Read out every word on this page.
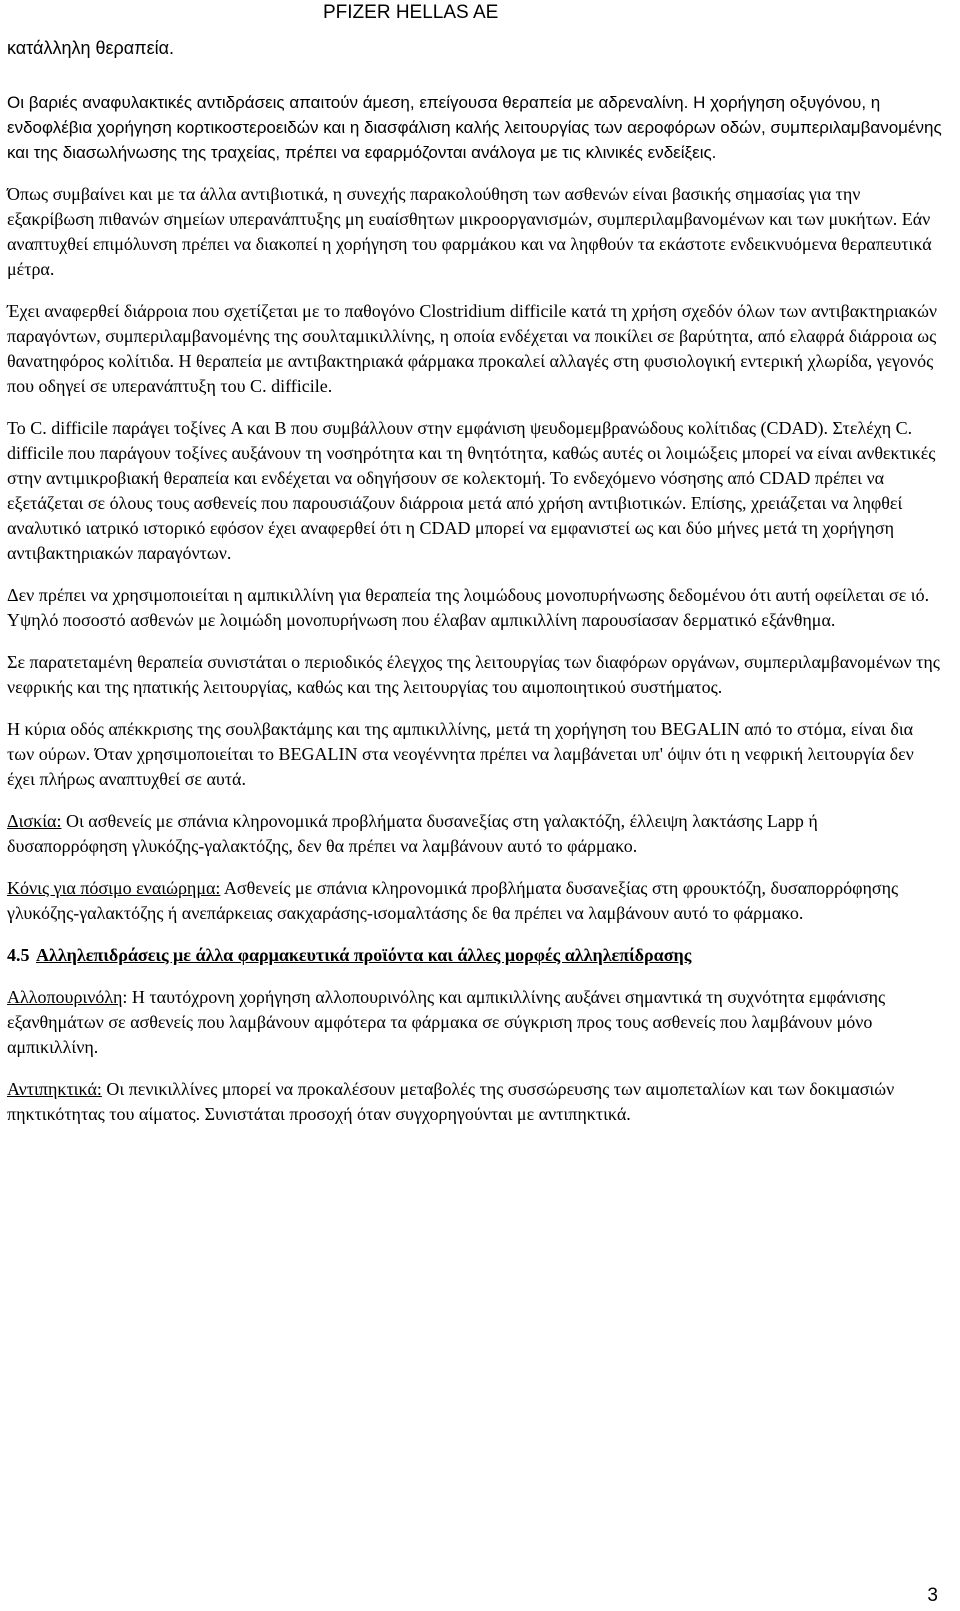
PFIZER HELLAS AE
κατάλληλη θεραπεία.

Οι βαριές αναφυλακτικές αντιδράσεις απαιτούν άμεση, επείγουσα θεραπεία με αδρεναλίνη. Η χορήγηση οξυγόνου, η ενδοφλέβια χορήγηση κορτικοστεροειδών και η διασφάλιση καλής λειτουργίας των αεροφόρων οδών, συμπεριλαμβανομένης και της διασωλήνωσης της τραχείας, πρέπει να εφαρμόζονται ανάλογα με τις κλινικές ενδείξεις.

Όπως συμβαίνει και με τα άλλα αντιβιοτικά, η συνεχής παρακολούθηση των ασθενών είναι βασικής σημασίας για την εξακρίβωση πιθανών σημείων υπερανάπτυξης μη ευαίσθητων μικροοργανισμών, συμπεριλαμβανομένων και των μυκήτων. Εάν αναπτυχθεί επιμόλυνση πρέπει να διακοπεί η χορήγηση του φαρμάκου και να ληφθούν τα εκάστοτε ενδεικνυόμενα θεραπευτικά μέτρα.

Έχει αναφερθεί διάρροια που σχετίζεται με το παθογόνο Clostridium difficile κατά τη χρήση σχεδόν όλων των αντιβακτηριακών παραγόντων, συμπεριλαμβανομένης της σουλταμικιλλίνης, η οποία ενδέχεται να ποικίλει σε βαρύτητα, από ελαφρά διάρροια ως θανατηφόρος κολίτιδα. Η θεραπεία με αντιβακτηριακά φάρμακα προκαλεί αλλαγές στη φυσιολογική εντερική χλωρίδα, γεγονός που οδηγεί σε υπερανάπτυξη του C. difficile.

Το C. difficile παράγει τοξίνες A και B που συμβάλλουν στην εμφάνιση ψευδομεμβρανώδους κολίτιδας (CDAD). Στελέχη C. difficile που παράγουν τοξίνες αυξάνουν τη νοσηρότητα και τη θνητότητα, καθώς αυτές οι λοιμώξεις μπορεί να είναι ανθεκτικές στην αντιμικροβιακή θεραπεία και ενδέχεται να οδηγήσουν σε κολεκτομή. Το ενδεχόμενο νόσησης από CDAD πρέπει να εξετάζεται σε όλους τους ασθενείς που παρουσιάζουν διάρροια μετά από χρήση αντιβιοτικών. Επίσης, χρειάζεται να ληφθεί αναλυτικό ιατρικό ιστορικό εφόσον έχει αναφερθεί ότι η CDAD μπορεί να εμφανιστεί ως και δύο μήνες μετά τη χορήγηση αντιβακτηριακών παραγόντων.

Δεν πρέπει να χρησιμοποιείται η αμπικιλλίνη για θεραπεία της λοιμώδους μονοπυρήνωσης δεδομένου ότι αυτή οφείλεται σε ιό. Υψηλό ποσοστό ασθενών με λοιμώδη μονοπυρήνωση που έλαβαν αμπικιλλίνη παρουσίασαν δερματικό εξάνθημα.

Σε παρατεταμένη θεραπεία συνιστάται ο περιοδικός έλεγχος της λειτουργίας των διαφόρων οργάνων, συμπεριλαμβανομένων της νεφρικής και της ηπατικής λειτουργίας, καθώς και της λειτουργίας του αιμοποιητικού συστήματος.

Η κύρια οδός απέκκρισης της σουλβακτάμης και της αμπικιλλίνης, μετά τη χορήγηση του BEGALIN από το στόμα, είναι δια των ούρων. Όταν χρησιμοποιείται το BEGALIN στα νεογέννητα πρέπει να λαμβάνεται υπ' όψιν ότι η νεφρική λειτουργία δεν έχει πλήρως αναπτυχθεί σε αυτά.

Δισκία: Οι ασθενείς με σπάνια κληρονομικά προβλήματα δυσανεξίας στη γαλακτόζη, έλλειψη λακτάσης Lapp ή δυσαπορρόφηση γλυκόζης-γαλακτόζης, δεν θα πρέπει να λαμβάνουν αυτό το φάρμακο.

Κόνις για πόσιμο εναιώρημα: Ασθενείς με σπάνια κληρονομικά προβλήματα δυσανεξίας στη φρουκτόζη, δυσαπορρόφησης γλυκόζης-γαλακτόζης ή ανεπάρκειας σακχαράσης-ισομαλτάσης δε θα πρέπει να λαμβάνουν αυτό το φάρμακο.

4.5 Αλληλεπιδράσεις με άλλα φαρμακευτικά προϊόντα και άλλες μορφές αλληλεπίδρασης

Αλλοπουρινόλη: Η ταυτόχρονη χορήγηση αλλοπουρινόλης και αμπικιλλίνης αυξάνει σημαντικά τη συχνότητα εμφάνισης εξανθημάτων σε ασθενείς που λαμβάνουν αμφότερα τα φάρμακα σε σύγκριση προς τους ασθενείς που λαμβάνουν μόνο αμπικιλλίνη.

Αντιπηκτικά: Οι πενικιλλίνες μπορεί να προκαλέσουν μεταβολές της συσσώρευσης των αιμοπεταλίων και των δοκιμασιών πηκτικότητας του αίματος. Συνιστάται προσοχή όταν συγχορηγούνται με αντιπηκτικά.

3
